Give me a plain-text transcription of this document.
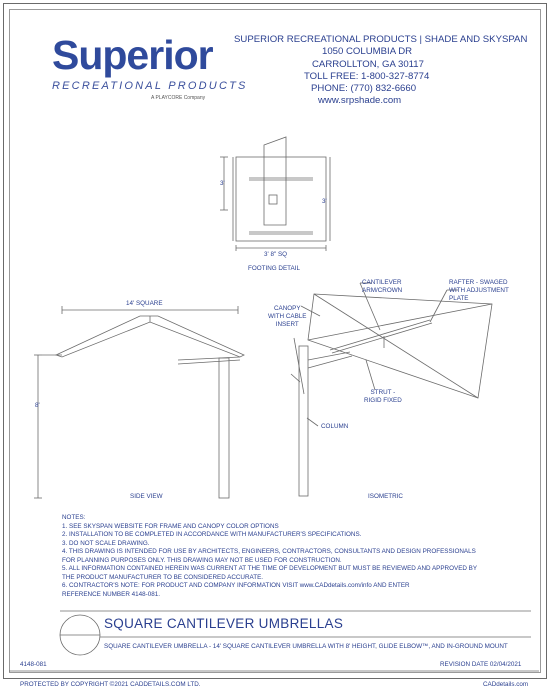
Superior
RECREATIONAL PRODUCTS
A PLAYCORE Company
SUPERIOR RECREATIONAL PRODUCTS | SHADE AND SKYSPAN
1050 COLUMBIA DR
CARROLLTON, GA 30117
TOLL FREE: 1-800-327-8774
PHONE: (770) 832-6660
www.srpshade.com
3'
3'
3' 8" SQ
FOOTING DETAIL
14' SQUARE
8'
SIDE VIEW
CANTILEVER
ARM/CROWN
CANOPY
WITH CABLE
INSERT
RAFTER - SWAGED
WITH ADJUSTMENT
PLATE
STRUT -
RIGID FIXED
COLUMN
ISOMETRIC
NOTES:
1. SEE SKYSPAN WEBSITE FOR FRAME AND CANOPY COLOR OPTIONS
2. INSTALLATION TO BE COMPLETED IN ACCORDANCE WITH MANUFACTURER'S SPECIFICATIONS.
3. DO NOT SCALE DRAWING.
4. THIS DRAWING IS INTENDED FOR USE BY ARCHITECTS, ENGINEERS, CONTRACTORS, CONSULTANTS AND DESIGN PROFESSIONALS
FOR PLANNING PURPOSES ONLY. THIS DRAWING MAY NOT BE USED FOR CONSTRUCTION.
5. ALL INFORMATION CONTAINED HEREIN WAS CURRENT AT THE TIME OF DEVELOPMENT BUT MUST BE REVIEWED AND APPROVED BY
THE PRODUCT MANUFACTURER TO BE CONSIDERED ACCURATE.
6. CONTRACTOR'S NOTE: FOR PRODUCT AND COMPANY INFORMATION VISIT www.CADdetails.com/info AND ENTER
REFERENCE NUMBER 4148-081.
SQUARE CANTILEVER UMBRELLAS
SQUARE CANTILEVER UMBRELLA - 14' SQUARE CANTILEVER UMBRELLA WITH 8' HEIGHT, GLIDE ELBOW™, AND IN-GROUND MOUNT
4148-081	REVISION DATE 02/04/2021
PROTECTED BY COPYRIGHT ©2021 CADDETAILS.COM LTD.	CADdetails.com
